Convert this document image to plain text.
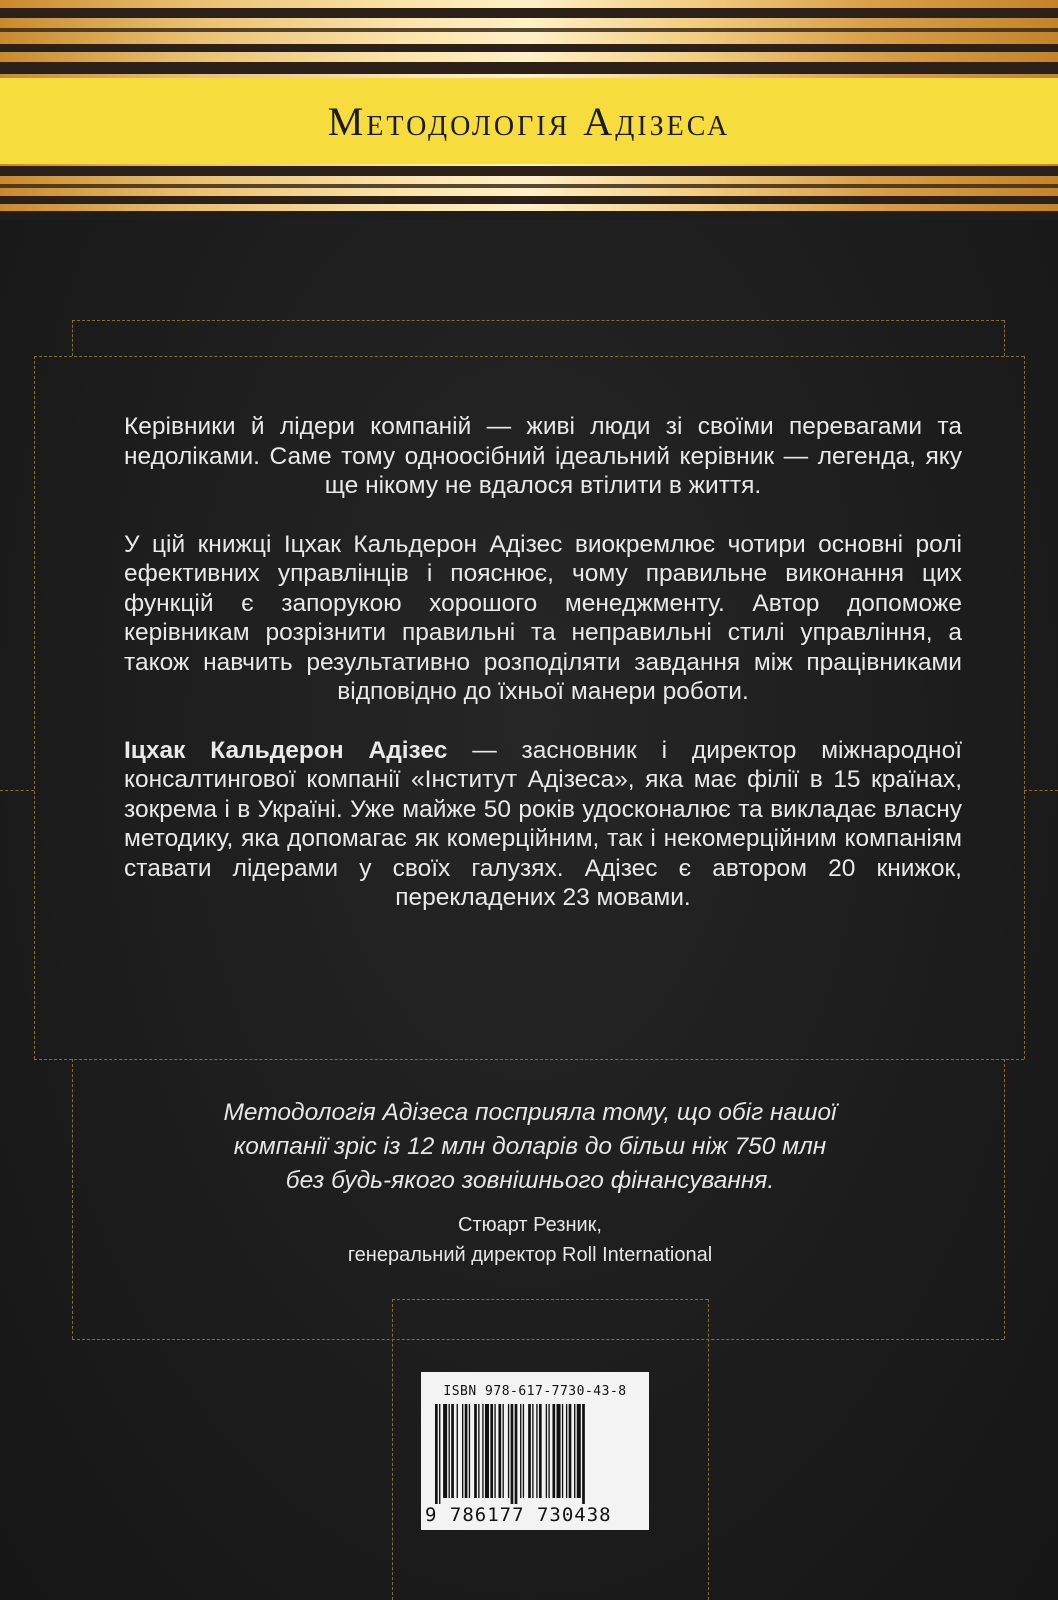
Методологія Адізеса

Керівники й лідери компаній — живі люди зі своїми перевагами та недоліками. Саме тому одноосібний ідеальний керівник — легенда, яку ще нікому не вдалося втілити в життя.

У цій книжці Іцхак Кальдерон Адізес виокремлює чотири основні ролі ефективних управлінців і пояснює, чому правильне виконання цих функцій є запорукою хорошого менеджменту. Автор допоможе керівникам розрізнити правильні та неправильні стилі управління, а також навчить результативно розподіляти завдання між працівниками відповідно до їхньої манери роботи.

Іцхак Кальдерон Адізес — засновник і директор міжнародної консалтингової компанії «Інститут Адізеса», яка має філії в 15 країнах, зокрема і в Україні. Уже майже 50 років удосконалює та викладає власну методику, яка допомагає як комерційним, так і некомерційним компаніям ставати лідерами у своїх галузях. Адізес є автором 20 книжок, перекладених 23 мовами.

Методологія Адізеса посприяла тому, що обіг нашої
компанії зріс із 12 млн доларів до більш ніж 750 млн
без будь-якого зовнішнього фінансування.
Стюарт Резник,
генеральний директор Roll International
ISBN 978-617-7730-43-8
9 786177 730438
